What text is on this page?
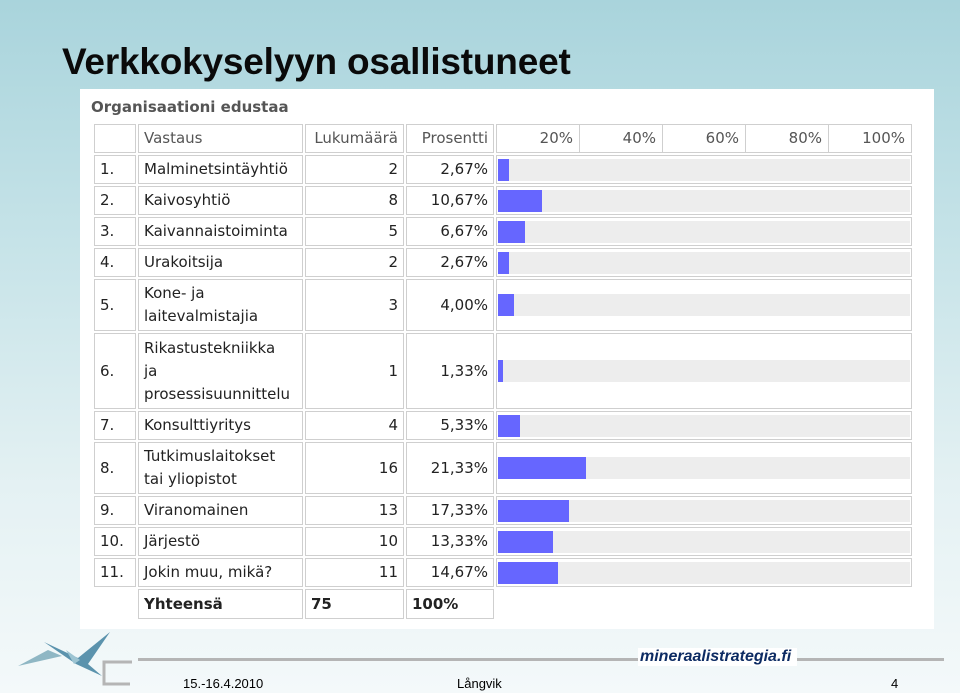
Verkkokyselyyn osallistuneet
Organisaationi edustaa
	Vastaus	Lukumäärä	Prosentti	20% 40% 60% 80% 100%

1.	Malminetsintäyhtiö	2	2,67%	

2.	Kaivosyhtiö	8	10,67%	

3.	Kaivannaistoiminta	5	6,67%	

4.	Urakoitsija	2	2,67%	

5.	Kone- ja
laitevalmistajia	3	4,00%	

6.	Rikastustekniikka
ja
prosessisuunnittelu	1	1,33%	

7.	Konsulttiyritys	4	5,33%	

8.	Tutkimuslaitokset
tai yliopistot	16	21,33%	

9.	Viranomainen	13	17,33%	

10.	Järjestö	10	13,33%	

11.	Jokin muu, mikä?	11	14,67%	

	Yhteensä	75	100%	
mineraalistrategia.fi
15.-16.4.2010	Långvik	4
